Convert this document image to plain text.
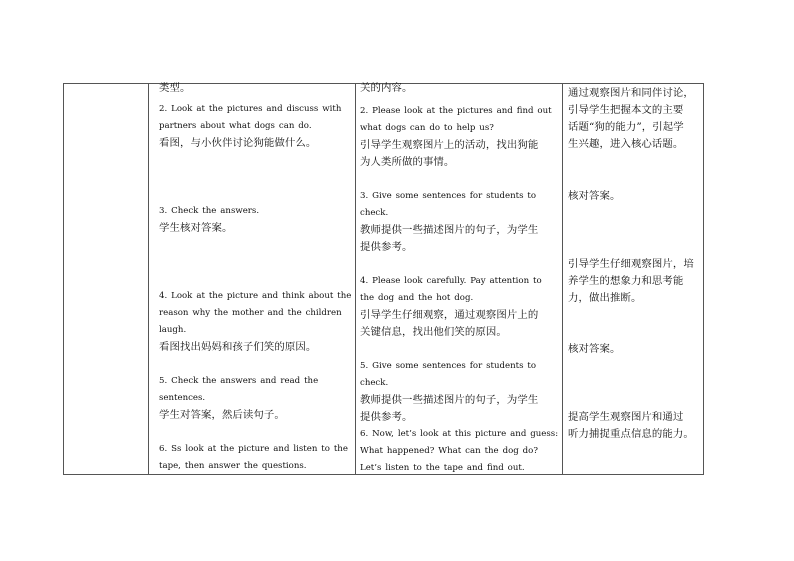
类型。
2. Look at the pictures and discuss with
partners about what dogs can do.
看图，与小伙伴讨论狗能做什么。
3. Check the answers.
学生核对答案。
4. Look at the picture and think about the
reason why the mother and the children
laugh.
看图找出妈妈和孩子们笑的原因。
5. Check the answers and read the
sentences.
学生对答案，然后读句子。
6. Ss look at the picture and listen to the
tape, then answer the questions.
关的内容。
2. Please look at the pictures and find out
what dogs can do to help us?
引导学生观察图片上的活动，找出狗能
为人类所做的事情。
3. Give some sentences for students to
check.
教师提供一些描述图片的句子，为学生
提供参考。
4. Please look carefully. Pay attention to
the dog and the hot dog.
引导学生仔细观察，通过观察图片上的
关键信息，找出他们笑的原因。
5. Give some sentences for students to
check.
教师提供一些描述图片的句子，为学生
提供参考。
6. Now, let’s look at this picture and guess:
What happened? What can the dog do?
Let’s listen to the tape and find out.
通过观察图片和同伴讨论，
引导学生把握本文的主要
话题“狗的能力”，引起学
生兴趣，进入核心话题。
核对答案。
引导学生仔细观察图片，培
养学生的想象力和思考能
力，做出推断。
核对答案。
提高学生观察图片和通过
听力捕捉重点信息的能力。
